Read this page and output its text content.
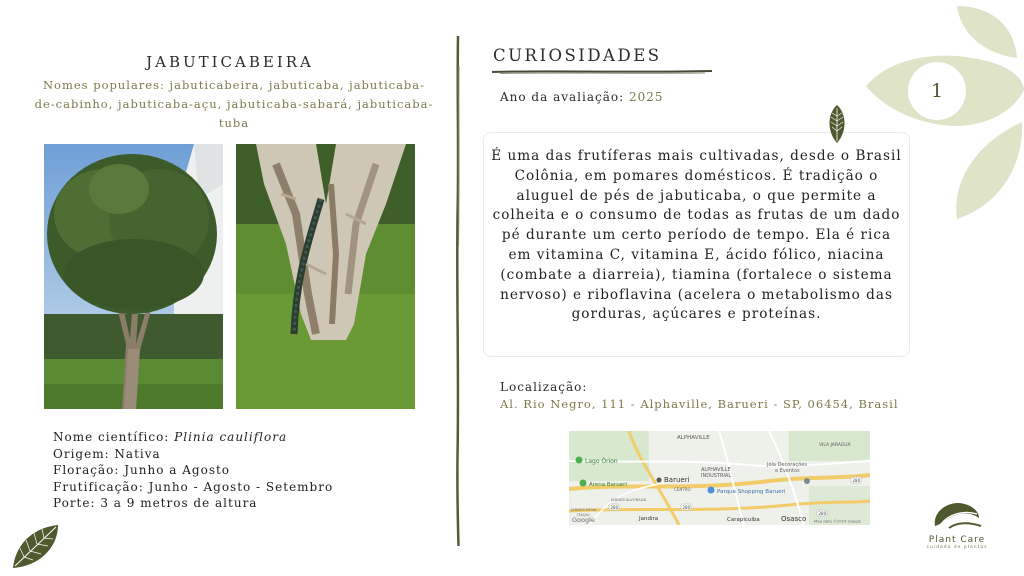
JABUTICABEIRA
Nomes populares: jabuticabeira, jabuticaba, jabuticaba-de-cabinho, jabuticaba-açu, jabuticaba-sabará, jabuticaba-tuba
Nome científico: Plinia cauliflora
Origem: Nativa
Floração: Junho a Agosto
Frutificação: Junho - Agosto - Setembro
Porte: 3 a 9 metros de altura
CURIOSIDADES
Ano da avaliação: 2025
É uma das frutíferas mais cultivadas, desde o Brasil Colônia, em pomares domésticos. É tradição o aluguel de pés de jabuticaba, o que permite a colheita e o consumo de todas as frutas de um dado pé durante um certo período de tempo. Ela é rica em vitamina C, vitamina E, ácido fólico, niacina (combate a diarreia), tiamina (fortalece o sistema nervoso) e riboflavina (acelera o metabolismo das gorduras, açúcares e proteínas.
Localização:
Al. Rio Negro, 111 - Alphaville, Barueri - SP, 06454, Brasil
ALPHAVILLE
VILA JARAGUÁ
Lago Órion
ALPHAVILLE
INDUSTRIAL
Barueri
Jola Decorações
e Eventos
Arena Barueri
CENTRO	Parque Shopping Barueri
JARDIM ALVORADA
JARDIM NOVA
ITAQUI
Jandira	Carapicuíba	Osasco
280
280
280
280
Google	Map data ©2024 Google
1
Plant Care
cuidado de plantas
